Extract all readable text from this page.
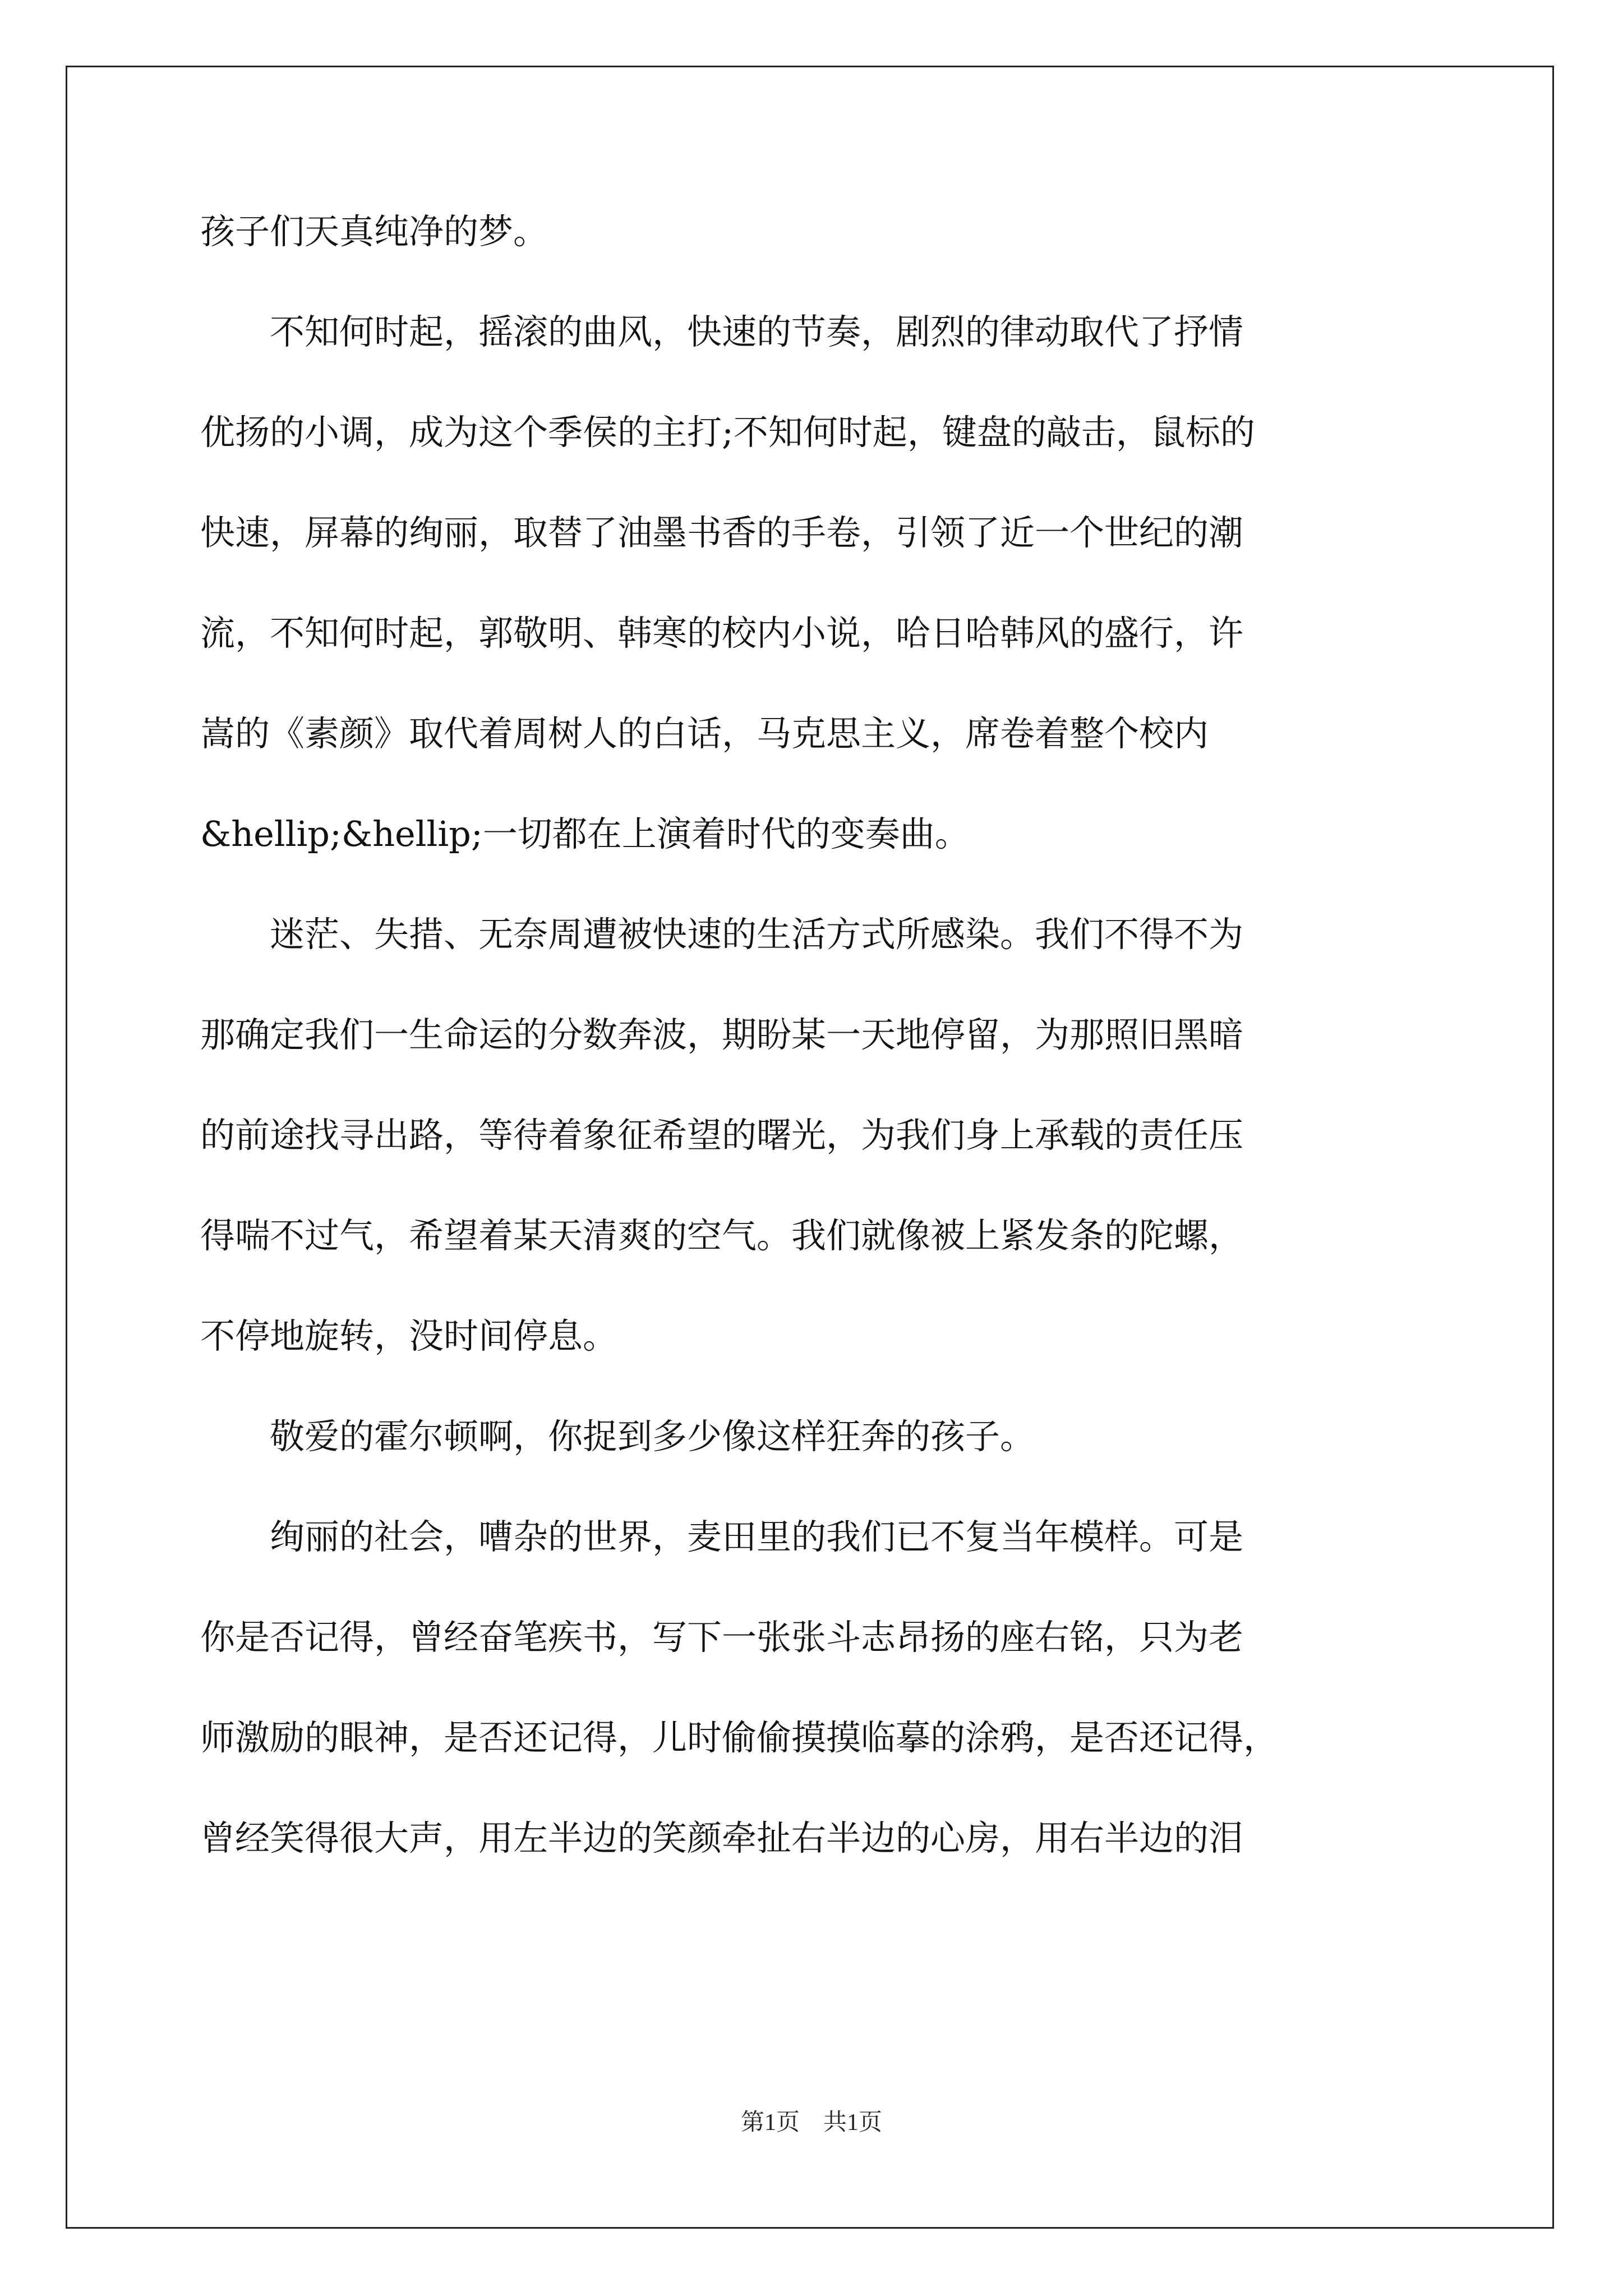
孩子们天真纯净的梦。
不知何时起，摇滚的曲风，快速的节奏，剧烈的律动取代了抒情
优扬的小调，成为这个季侯的主打;不知何时起，键盘的敲击，鼠标的
快速，屏幕的绚丽，取替了油墨书香的手卷，引领了近一个世纪的潮
流，不知何时起，郭敬明、韩寒的校内小说，哈日哈韩风的盛行，许
嵩的《素颜》取代着周树人的白话，马克思主义，席卷着整个校内
&hellip;&hellip;一切都在上演着时代的变奏曲。
迷茫、失措、无奈周遭被快速的生活方式所感染。我们不得不为
那确定我们一生命运的分数奔波，期盼某一天地停留，为那照旧黑暗
的前途找寻出路，等待着象征希望的曙光，为我们身上承载的责任压
得喘不过气，希望着某天清爽的空气。我们就像被上紧发条的陀螺，
不停地旋转，没时间停息。
敬爱的霍尔顿啊，你捉到多少像这样狂奔的孩子。
绚丽的社会，嘈杂的世界，麦田里的我们已不复当年模样。可是
你是否记得，曾经奋笔疾书，写下一张张斗志昂扬的座右铭，只为老
师激励的眼神，是否还记得，儿时偷偷摸摸临摹的涂鸦，是否还记得，
曾经笑得很大声，用左半边的笑颜牵扯右半边的心房，用右半边的泪
第1页　共1页
